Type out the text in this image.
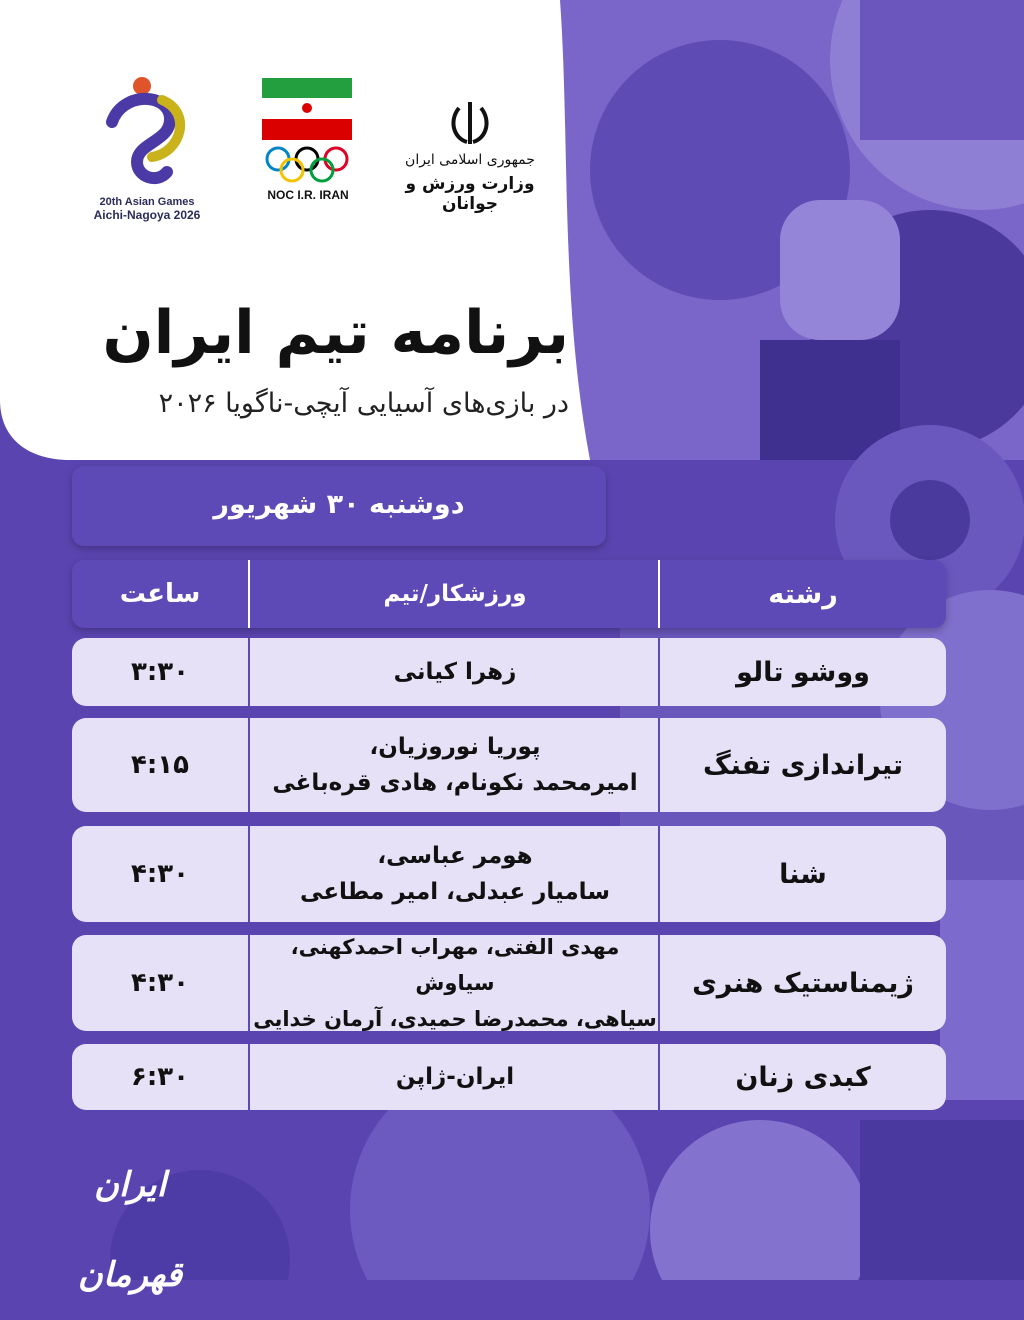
20th Asian Games
Aichi-Nagoya 2026

NOC I.R. IRAN
جمهوری اسلامی ایران
وزارت ورزش و جوانان
برنامه تیم ایران
در بازی‌های آسیایی آیچی-ناگویا ۲۰۲۶
دوشنبه ۳۰ شهریور
رشته
ورزشکار/تیم
ساعت
ووشو تالو
زهرا کیانی
۳:۳۰
تیراندازی تفنگ
پوریا نوروزیان،
امیرمحمد نکونام، هادی قره‌باغی
۴:۱۵
شنا
هومر عباسی،
سامیار عبدلی، امیر مطاعی
۴:۳۰
ژیمناستیک هنری
مهدی الفتی، مهراب احمدکهنی، سیاوش
سیاهی، محمدرضا حمیدی، آرمان خدایی
۴:۳۰
کبدی زنان
ایران-ژاپن
۶:۳۰
ایران قهرمان
